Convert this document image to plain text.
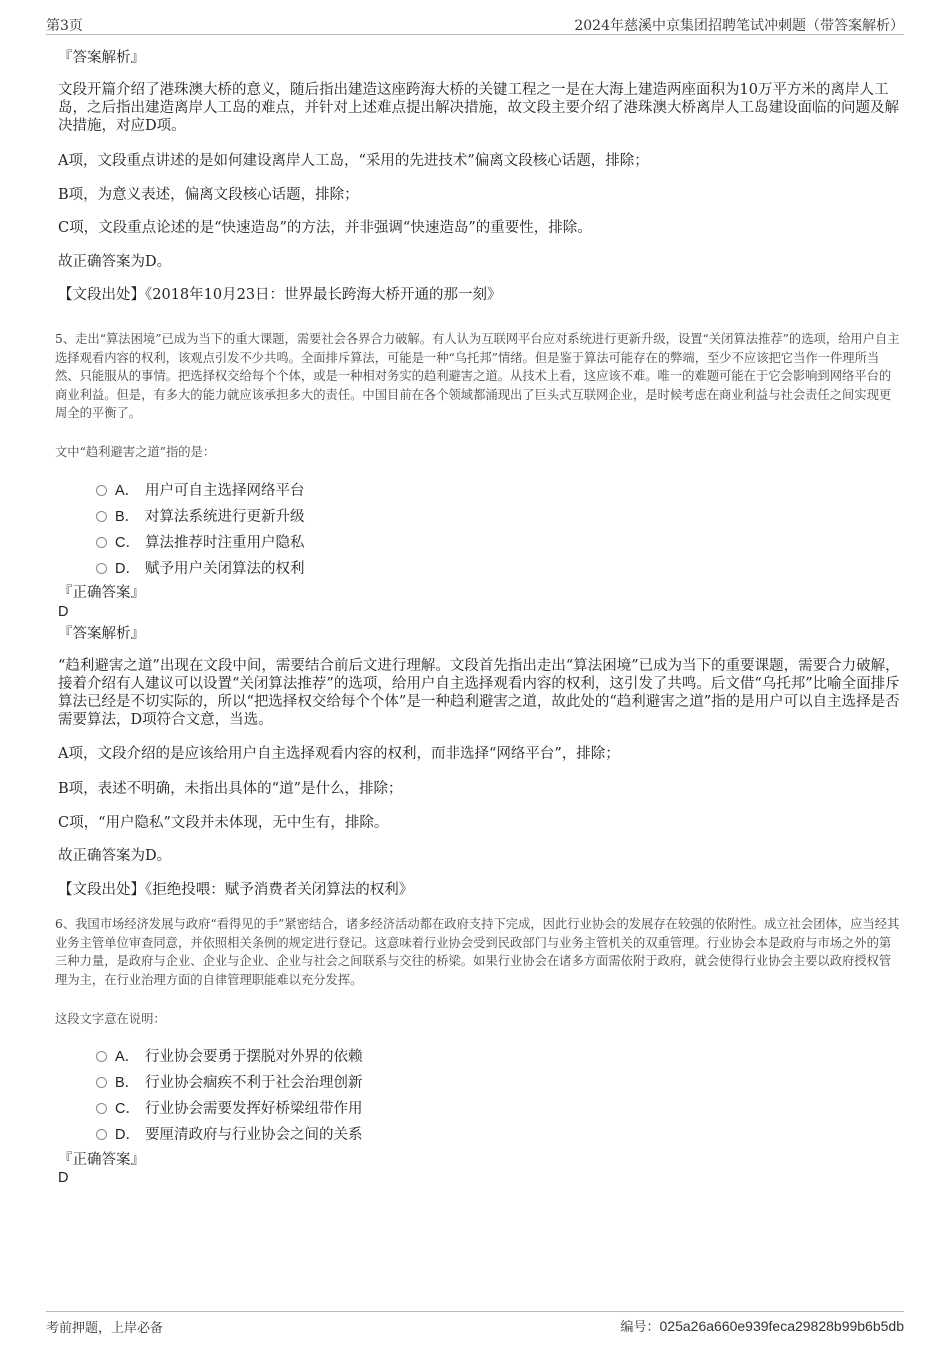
第3页	2024年慈溪中京集团招聘笔试冲刺题（带答案解析）

『答案解析』

文段开篇介绍了港珠澳大桥的意义，随后指出建造这座跨海大桥的关键工程之一是在大海上建造两座面积为10万平方米的离岸人工岛，之后指出建造离岸人工岛的难点，并针对上述难点提出解决措施，故文段主要介绍了港珠澳大桥离岸人工岛建设面临的问题及解决措施，对应D项。

A项，文段重点讲述的是如何建设离岸人工岛，“采用的先进技术”偏离文段核心话题，排除；

B项，为意义表述，偏离文段核心话题，排除；

C项，文段重点论述的是“快速造岛”的方法，并非强调“快速造岛”的重要性，排除。

故正确答案为D。

【文段出处】《2018年10月23日：世界最长跨海大桥开通的那一刻》

5、走出“算法困境”已成为当下的重大课题，需要社会各界合力破解。有人认为互联网平台应对系统进行更新升级，设置“关闭算法推荐”的选项，给用户自主选择观看内容的权利，该观点引发不少共鸣。全面排斥算法，可能是一种“乌托邦”情绪。但是鉴于算法可能存在的弊端，至少不应该把它当作一件理所当然、只能服从的事情。把选择权交给每个个体，或是一种相对务实的趋利避害之道。从技术上看，这应该不难。唯一的难题可能在于它会影响到网络平台的商业利益。但是，有多大的能力就应该承担多大的责任。中国目前在各个领域都涌现出了巨头式互联网企业，是时候考虑在商业利益与社会责任之间实现更周全的平衡了。

文中“趋利避害之道”指的是：

A． 用户可自主选择网络平台
B． 对算法系统进行更新升级
C． 算法推荐时注重用户隐私
D． 赋予用户关闭算法的权利

『正确答案』

D

『答案解析』

“趋利避害之道”出现在文段中间，需要结合前后文进行理解。文段首先指出走出“算法困境”已成为当下的重要课题，需要合力破解，接着介绍有人建议可以设置“关闭算法推荐”的选项，给用户自主选择观看内容的权利，这引发了共鸣。后文借“乌托邦”比喻全面排斥算法已经是不切实际的，所以“把选择权交给每个个体”是一种趋利避害之道，故此处的“趋利避害之道”指的是用户可以自主选择是否需要算法，D项符合文意，当选。

A项，文段介绍的是应该给用户自主选择观看内容的权利，而非选择“网络平台”，排除；

B项，表述不明确，未指出具体的“道”是什么，排除；

C项，“用户隐私”文段并未体现，无中生有，排除。

故正确答案为D。

【文段出处】《拒绝投喂：赋予消费者关闭算法的权利》

6、我国市场经济发展与政府“看得见的手”紧密结合，诸多经济活动都在政府支持下完成，因此行业协会的发展存在较强的依附性。成立社会团体，应当经其业务主管单位审查同意，并依照相关条例的规定进行登记。这意味着行业协会受到民政部门与业务主管机关的双重管理。行业协会本是政府与市场之外的第三种力量，是政府与企业、企业与企业、企业与社会之间联系与交往的桥梁。如果行业协会在诸多方面需依附于政府，就会使得行业协会主要以政府授权管理为主，在行业治理方面的自律管理职能难以充分发挥。

这段文字意在说明：

A． 行业协会要勇于摆脱对外界的依赖
B． 行业协会痼疾不利于社会治理创新
C． 行业协会需要发挥好桥梁纽带作用
D． 要厘清政府与行业协会之间的关系

『正确答案』

D

考前押题，上岸必备	编号：025a26a660e939feca29828b99b6b5db
